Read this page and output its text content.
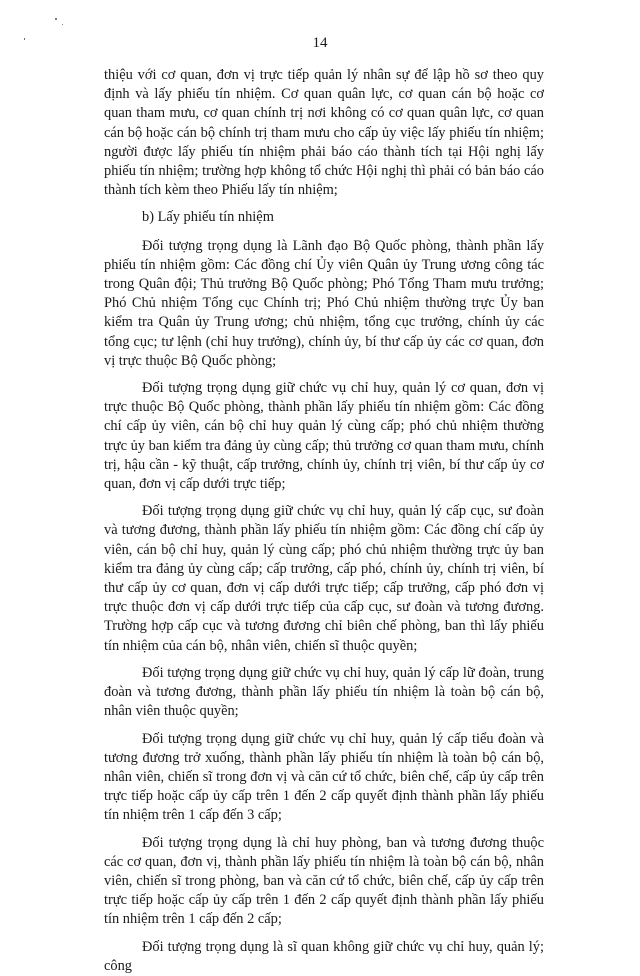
14

thiệu với cơ quan, đơn vị trực tiếp quản lý nhân sự để lập hồ sơ theo quy định và lấy phiếu tín nhiệm. Cơ quan quân lực, cơ quan cán bộ hoặc cơ quan tham mưu, cơ quan chính trị nơi không có cơ quan quân lực, cơ quan cán bộ hoặc cán bộ chính trị tham mưu cho cấp ủy việc lấy phiếu tín nhiệm; người được lấy phiếu tín nhiệm phải báo cáo thành tích tại Hội nghị lấy phiếu tín nhiệm; trường hợp không tổ chức Hội nghị thì phải có bản báo cáo thành tích kèm theo Phiếu lấy tín nhiệm;

b) Lấy phiếu tín nhiệm

Đối tượng trọng dụng là Lãnh đạo Bộ Quốc phòng, thành phần lấy phiếu tín nhiệm gồm: Các đồng chí Ủy viên Quân ủy Trung ương công tác trong Quân đội; Thủ trưởng Bộ Quốc phòng; Phó Tổng Tham mưu trưởng; Phó Chủ nhiệm Tổng cục Chính trị; Phó Chủ nhiệm thường trực Ủy ban kiểm tra Quân ủy Trung ương; chủ nhiệm, tổng cục trưởng, chính ủy các tổng cục; tư lệnh (chỉ huy trưởng), chính ủy, bí thư cấp ủy các cơ quan, đơn vị trực thuộc Bộ Quốc phòng;

Đối tượng trọng dụng giữ chức vụ chỉ huy, quản lý cơ quan, đơn vị trực thuộc Bộ Quốc phòng, thành phần lấy phiếu tín nhiệm gồm: Các đồng chí cấp ủy viên, cán bộ chỉ huy quản lý cùng cấp; phó chủ nhiệm thường trực ủy ban kiểm tra đảng ủy cùng cấp; thủ trưởng cơ quan tham mưu, chính trị, hậu cần - kỹ thuật, cấp trưởng, chính ủy, chính trị viên, bí thư cấp ủy cơ quan, đơn vị cấp dưới trực tiếp;

Đối tượng trọng dụng giữ chức vụ chỉ huy, quản lý cấp cục, sư đoàn và tương đương, thành phần lấy phiếu tín nhiệm gồm: Các đồng chí cấp ủy viên, cán bộ chỉ huy, quản lý cùng cấp; phó chủ nhiệm thường trực ủy ban kiểm tra đảng ủy cùng cấp; cấp trưởng, cấp phó, chính ủy, chính trị viên, bí thư cấp ủy cơ quan, đơn vị cấp dưới trực tiếp; cấp trưởng, cấp phó đơn vị trực thuộc đơn vị cấp dưới trực tiếp của cấp cục, sư đoàn và tương đương. Trường hợp cấp cục và tương đương chỉ biên chế phòng, ban thì lấy phiếu tín nhiệm của cán bộ, nhân viên, chiến sĩ thuộc quyền;

Đối tượng trọng dụng giữ chức vụ chỉ huy, quản lý cấp lữ đoàn, trung đoàn và tương đương, thành phần lấy phiếu tín nhiệm là toàn bộ cán bộ, nhân viên thuộc quyền;

Đối tượng trọng dụng giữ chức vụ chỉ huy, quản lý cấp tiểu đoàn và tương đương trở xuống, thành phần lấy phiếu tín nhiệm là toàn bộ cán bộ, nhân viên, chiến sĩ trong đơn vị và căn cứ tổ chức, biên chế, cấp ủy cấp trên trực tiếp hoặc cấp ủy cấp trên 1 đến 2 cấp quyết định thành phần lấy phiếu tín nhiệm trên 1 cấp đến 3 cấp;

Đối tượng trọng dụng là chỉ huy phòng, ban và tương đương thuộc các cơ quan, đơn vị, thành phần lấy phiếu tín nhiệm là toàn bộ cán bộ, nhân viên, chiến sĩ trong phòng, ban và căn cứ tổ chức, biên chế, cấp ủy cấp trên trực tiếp hoặc cấp ủy cấp trên 1 đến 2 cấp quyết định thành phần lấy phiếu tín nhiệm trên 1 cấp đến 2 cấp;

Đối tượng trọng dụng là sĩ quan không giữ chức vụ chỉ huy, quản lý; công
